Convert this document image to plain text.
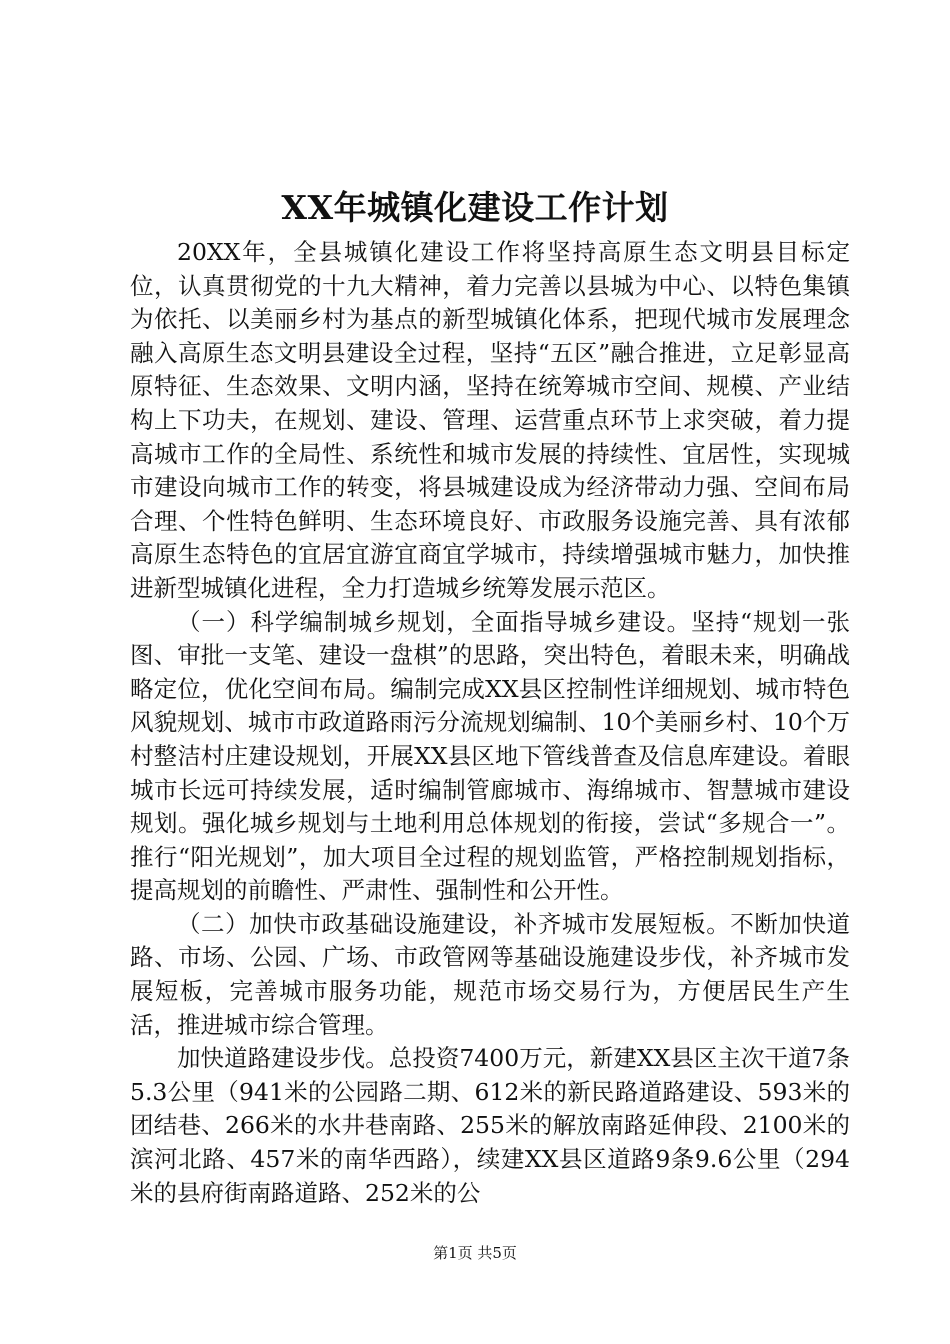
XX年城镇化建设工作计划

20XX年，全县城镇化建设工作将坚持高原生态文明县目标定位，认真贯彻党的十九大精神，着力完善以县城为中心、以特色集镇为依托、以美丽乡村为基点的新型城镇化体系，把现代城市发展理念融入高原生态文明县建设全过程，坚持“五区”融合推进，立足彰显高原特征、生态效果、文明内涵，坚持在统筹城市空间、规模、产业结构上下功夫，在规划、建设、管理、运营重点环节上求突破，着力提高城市工作的全局性、系统性和城市发展的持续性、宜居性，实现城市建设向城市工作的转变，将县城建设成为经济带动力强、空间布局合理、个性特色鲜明、生态环境良好、市政服务设施完善、具有浓郁高原生态特色的宜居宜游宜商宜学城市，持续增强城市魅力，加快推进新型城镇化进程，全力打造城乡统筹发展示范区。

（一）科学编制城乡规划，全面指导城乡建设。坚持“规划一张图、审批一支笔、建设一盘棋”的思路，突出特色，着眼未来，明确战略定位，优化空间布局。编制完成XX县区控制性详细规划、城市特色风貌规划、城市市政道路雨污分流规划编制、10个美丽乡村、10个万村整洁村庄建设规划，开展XX县区地下管线普查及信息库建设。着眼城市长远可持续发展，适时编制管廊城市、海绵城市、智慧城市建设规划。强化城乡规划与土地利用总体规划的衔接，尝试“多规合一”。推行“阳光规划”，加大项目全过程的规划监管，严格控制规划指标，提高规划的前瞻性、严肃性、强制性和公开性。

（二）加快市政基础设施建设，补齐城市发展短板。不断加快道路、市场、公园、广场、市政管网等基础设施建设步伐，补齐城市发展短板，完善城市服务功能，规范市场交易行为，方便居民生产生活，推进城市综合管理。

加快道路建设步伐。总投资7400万元，新建XX县区主次干道7条5.3公里（941米的公园路二期、612米的新民路道路建设、593米的团结巷、266米的水井巷南路、255米的解放南路延伸段、2100米的滨河北路、457米的南华西路），续建XX县区道路9条9.6公里（294米的县府街南路道路、252米的公

第1页 共5页
